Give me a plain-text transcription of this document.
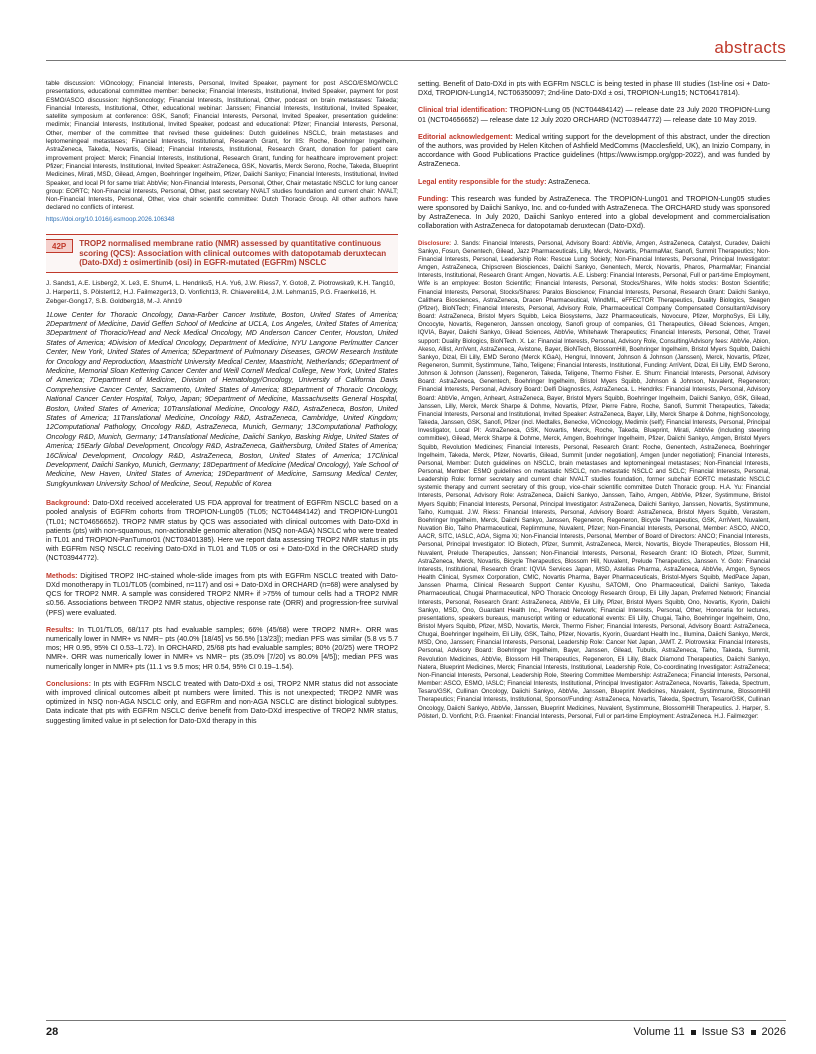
abstracts
table discussion: ViOncology; Financial Interests, Personal, Invited Speaker, payment for post ASCO/ESMO/WCLC presentations, educational committee member: benecke; Financial Interests, Institutional, Invited Speaker, payment for post ESMO/ASCO discussion: highSoncology; Financial Interests, Institutional, Other, podcast on brain metastases: Takeda; Financial Interests, Institutional, Other, educational webinar: Janssen; Financial Interests, Institutional, Invited Speaker, satellite symposium at conference: GSK, Sanofi; Financial Interests, Personal, Invited Speaker, presentation guideline: medimix; Financial Interests, Institutional, Invited Speaker, podcast and educational: Pfizer; Financial Interests, Personal, Other, member of the committee that revised these guidelines: Dutch guidelines NSCLC, brain metastases and leptomeningeal metastases; Financial Interests, Institutional, Research Grant, for IIS: Roche, Boehringer Ingelheim, AstraZeneca, Takeda, Novartis, Gilead; Financial Interests, Institutional, Research Grant, donation for patient care improvement project: Merck; Financial Interests, Institutional, Research Grant, funding for healthcare improvement project: Pfizer; Financial Interests, Institutional, Invited Speaker: AstraZeneca, GSK, Novartis, Merck Serono, Roche, Takeda, Blueprint Medicines, Mirati, MSD, Gilead, Amgen, Boehringer Ingelheim, Pfizer, Daiichi Sankyo; Financial Interests, Institutional, Invited Speaker, and local PI for same trial: AbbVie; Non-Financial Interests, Personal, Other, Chair metastatic NSCLC for lung cancer group: EORTC; Non-Financial Interests, Personal, Other, past secretary NVALT studies foundation and current chair: NVALT; Non-Financial Interests, Personal, Other, vice chair scientific committee: Dutch Thoracic Group. All other authors have declared no conflicts of interest.
https://doi.org/10.1016/j.esmoop.2026.106348
42P	TROP2 normalised membrane ratio (NMR) assessed by quantitative continuous scoring (QCS): Association with clinical outcomes with datopotamab deruxtecan (Dato-DXd) ± osimertinib (osi) in EGFR-mutated (EGFRm) NSCLC
J. Sands1, A.E. Lisberg2, X. Le3, E. Shum4, L. Hendriks5, H.A. Yu6, J.W. Riess7, Y. Goto8, Z. Piotrowska9, K.H. Tang10, J. Harper11, S. Pölsterl12, H.J. Failmezger13, D. Vonficht13, R. Chiaverelli14, J.M. Lehman15, P.G. Fraenkel16, H. Zebger-Gong17, S.B. Goldberg18, M.-J. Ahn19
1Lowe Center for Thoracic Oncology, Dana-Farber Cancer Institute, Boston, United States of America; 2Department of Medicine, David Geffen School of Medicine at UCLA, Los Angeles, United States of America; 3Department of Thoracic/Head and Neck Medical Oncology, MD Anderson Cancer Center, Houston, United States of America; 4Division of Medical Oncology, Department of Medicine, NYU Langone Perlmutter Cancer Center, New York, United States of America; 5Department of Pulmonary Diseases, GROW Research Institute for Oncology and Reproduction, Maastricht University Medical Center, Maastricht, Netherlands; 6Department of Medicine, Memorial Sloan Kettering Cancer Center and Weill Cornell Medical College, New York, United States of America; 7Department of Medicine, Division of Hematology/Oncology, University of California Davis Comprehensive Cancer Center, Sacramento, United States of America; 8Department of Thoracic Oncology, National Cancer Center Hospital, Tokyo, Japan; 9Department of Medicine, Massachusetts General Hospital, Boston, United States of America; 10Translational Medicine, Oncology R&D, AstraZeneca, Boston, United States of America; 11Translational Medicine, Oncology R&D, AstraZeneca, Cambridge, United Kingdom; 12Computational Pathology, Oncology R&D, AstraZeneca, Munich, Germany; 13Computational Pathology, Oncology R&D, Munich, Germany; 14Translational Medicine, Daiichi Sankyo, Basking Ridge, United States of America; 15Early Global Development, Oncology R&D, AstraZeneca, Gaithersburg, United States of America; 16Clinical Development, Oncology R&D, AstraZeneca, Boston, United States of America; 17Clinical Development, Daiichi Sankyo, Munich, Germany; 18Department of Medicine (Medical Oncology), Yale School of Medicine, New Haven, United States of America; 19Department of Medicine, Samsung Medical Center, Sungkyunkwan University School of Medicine, Seoul, Republic of Korea
Background: Dato-DXd received accelerated US FDA approval for treatment of EGFRm NSCLC based on a pooled analysis of EGFRm cohorts from TROPION-Lung05 (TL05; NCT04484142) and TROPION-Lung01 (TL01; NCT04656652). TROP2 NMR status by QCS was associated with clinical outcomes with Dato-DXd in patients (pts) with non-squamous, non-actionable genomic alteration (NSQ non-AGA) NSCLC who were treated in TL01 and TROPION-PanTumor01 (NCT03401385). Here we report data assessing TROP2 NMR status in pts with EGFRm NSQ NSCLC receiving Dato-DXd in TL01 and TL05 or osi + Dato-DXd in the ORCHARD study (NCT03944772).
Methods: Digitised TROP2 IHC-stained whole-slide images from pts with EGFRm NSCLC treated with Dato-DXd monotherapy in TL01/TL05 (combined, n=117) and osi + Dato-DXd in ORCHARD (n=68) were analysed by QCS for TROP2 NMR. A sample was considered TROP2 NMR+ if >75% of tumour cells had a TROP2 NMR ≤0.56. Associations between TROP2 NMR status, objective response rate (ORR) and progression-free survival (PFS) were evaluated.
Results: In TL01/TL05, 68/117 pts had evaluable samples; 66% (45/68) were TROP2 NMR+. ORR was numerically lower in NMR+ vs NMR− pts (40.0% [18/45] vs 56.5% [13/23]); median PFS was similar (5.8 vs 5.7 mos; HR 0.95, 95% CI 0.53–1.72). In ORCHARD, 25/68 pts had evaluable samples; 80% (20/25) were TROP2 NMR+. ORR was numerically lower in NMR+ vs NMR− pts (35.0% [7/20] vs 80.0% [4/5]); median PFS was numerically longer in NMR+ pts (11.1 vs 9.5 mos; HR 0.54, 95% CI 0.19–1.54).
Conclusions: In pts with EGFRm NSCLC treated with Dato-DXd ± osi, TROP2 NMR status did not associate with improved clinical outcomes albeit pt numbers were limited. This is not unexpected; TROP2 NMR was optimized in NSQ non-AGA NSCLC only, and EGFRm and non-AGA NSCLC are distinct biological subtypes. Data indicate that pts with EGFRm NSCLC derive benefit from Dato-DXd irrespective of TROP2 NMR status, suggesting limited value in pt selection for Dato-DXd therapy in this
setting. Benefit of Dato-DXd in pts with EGFRm NSCLC is being tested in phase III studies (1st-line osi + Dato-DXd, TROPION-Lung14, NCT06350097; 2nd-line Dato-DXd ± osi, TROPION-Lung15; NCT06417814).
Clinical trial identification: TROPION-Lung 05 (NCT04484142) — release date 23 July 2020 TROPION-Lung 01 (NCT04656652) — release date 12 July 2020 ORCHARD (NCT03944772) — release date 10 May 2019.
Editorial acknowledgement: Medical writing support for the development of this abstract, under the direction of the authors, was provided by Helen Kitchen of Ashfield MedComms (Macclesfield, UK), an Inizio Company, in accordance with Good Publications Practice guidelines (https://www.ismpp.org/gpp-2022), and was funded by AstraZeneca.
Legal entity responsible for the study: AstraZeneca.
Funding: This research was funded by AstraZeneca. The TROPION-Lung01 and TROPION-Lung05 studies were sponsored by Daiichi Sankyo, Inc. and co-funded with AstraZeneca. The ORCHARD study was sponsored by AstraZeneca. In July 2020, Daiichi Sankyo entered into a global development and commercialisation collaboration with AstraZeneca for datopotamab deruxtecan (Dato-DXd).
Disclosure: J. Sands: Financial Interests, Personal, Advisory Board: AbbVie, Amgen, AstraZeneca, Catalyst, Curadev, Daiichi Sankyo, Fosun, Genentech, Gilead, Jazz Pharmaceuticals, Lilly, Merck, Novartis, PharmaMar, Sanofi, Summit Therapeutics; Non-Financial Interests, Personal, Leadership Role: Rescue Lung Society; Non-Financial Interests, Personal, Principal Investigator: Amgen, AstraZeneca, Chipscreen Biosciences, Daiichi Sankyo, Genentech, Merck, Novartis, Pharos, PharmaMar; Financial Interests, Institutional, Research Grant: Amgen, Novartis. A.E. Lisberg: Financial Interests, Personal, Full or part-time Employment, Wife is an employee: Boston Scientific; Financial Interests, Personal, Stocks/Shares, Wife holds stocks: Boston Scientific; Financial Interests, Personal, Stocks/Shares: Paralos Bioscience; Financial Interests, Personal, Research Grant: Daiichi Sankyo, Calithera Biosciences, AstraZeneca, Dracen Pharmaceutical, WindMIL, eFFECTOR Therapeutics, Duality Biologics, Seagen (Pfizer), BioNTech; Financial Interests, Personal, Advisory Role, Pharmaceutical Company Compensated Consultant/Advisory Board: AstraZeneca, Bristol Myers Squibb, Leica Biosystems, Jazz Pharmaceuticals, Novocure, Pfizer, MorphoSys, Eli Lilly, Oncocyte, Novartis, Regeneron, Janssen oncology, Sanofi group of companies, G1 Therapeutics, Gilead Sciences, Amgen, IQVIA, Bayer, Daiichi Sankyo, Gilead Sciences, AbbVie, Whitehawk Therapeutics; Financial Interests, Personal, Other, Travel support: Duality Biologics, BioNTech. X. Le: Financial Interests, Personal, Advisory Role, Consulting/Advisory fees: AbbVie, Abion, Akeso, Allist, ArriVent, AstraZeneca, Avistone, Bayer, BioNTech, BlossomHill, Boehringer Ingelheim, Bristol Myers Squibb, Daiichi Sankyo, Dizal, Eli Lilly, EMD Serono (Merck KGaA), Hengrui, Innovent, Johnson & Johnson (Janssen), Merck, Novartis, Pfizer, Regeneron, Summit, Systimmune, Taiho, Teligene; Financial Interests, Institutional, Funding: ArriVent, Dizal, Eli Lilly, EMD Serono, Johnson & Johnson (Janssen), Regeneron, Takeda, Teligene, Thermo Fisher. E. Shum: Financial Interests, Personal, Advisory Board: AstraZeneca, Genentech, Boehringer Ingelheim, Bristol Myers Squibb, Johnson & Johnson, Nuvalent, Regeneron; Financial Interests, Personal, Advisory Board: Delfi Diagnostics, AstraZeneca. L. Hendriks: Financial Interests, Personal, Advisory Board: AbbVie, Amgen, Anheart, AstraZeneca, Bayer, Bristol Myers Squibb, Boehringer Ingelheim, Daiichi Sankyo, GSK, Gilead, Janssen, Lilly, Merck, Merck Sharpe & Dohme, Novartis, Pfizer, Pierre Fabre, Roche, Sanofi, Summit Therapeutics, Takeda; Financial Interests, Personal and Institutional, Invited Speaker: AstraZeneca, Bayer, Lilly, Merck Sharpe & Dohme, highSoncology, Takeda, Janssen, GSK, Sanofi, Pfizer (incl. Medtalks, Benecke, ViOncology, Medimix (self); Financial Interests, Personal, Principal Investigator, Local PI: AstraZeneca, GSK, Novartis, Merck, Roche, Takeda, Blueprint, Mirati, AbbVie (including steering committee), Gilead, Merck Sharpe & Dohme, Merck, Amgen, Boehringer Ingelheim, Pfizer, Daiichi Sankyo, Amgen, Bristol Myers Squibb, Revolution Medicines; Financial Interests, Personal, Research Grant: Roche, Genentech, AstraZeneca, Boehringer Ingelheim, Takeda, Merck, Pfizer, Novartis, Gilead, Summit [under negotiation], Amgen [under negotiation]; Financial Interests, Personal, Member: Dutch guidelines on NSCLC, brain metastases and leptomeningeal metastases; Non-Financial Interests, Personal, Member: ESMO guidelines on metastatic NSCLC, non-metastatic NSCLC and SCLC; Financial Interests, Personal, Leadership Role: former secretary and current chair NVALT studies foundation, former subchair EORTC metastatic NSCLC systemic therapy and current secretary of this group, vice-chair scientific committee Dutch Thoracic group. H.A. Yu: Financial Interests, Personal, Advisory Role: AstraZeneca, Daiichi Sankyo, Janssen, Taiho, Amgen, AbbVie, Pfizer, Systimmune, Bristol Myers Squibb; Financial Interests, Personal, Principal Investigator: AstraZeneca, Daiichi Sankyo, Janssen, Novartis, Systimmune, Taiho, Kumquat. J.W. Riess: Financial Interests, Personal, Advisory Board: AstraZeneca, Bristol Myers Squibb, Verastem, Boehringer Ingelheim, Merck, Daiichi Sankyo, Janssen, Regeneron, Regeneron, Bicycle Therapeutics, GSK, ArriVent, Nuvalent, Nuvation Bio, Taiho Pharmaceutical, Replimmune, Nuvalent, Pfizer; Non-Financial Interests, Personal, Member: ASCO, ANCO, AACR, SITC, IASLC, AOA, Sigma Xi; Non-Financial Interests, Personal, Member of Board of Directors: ANCO; Financial Interests, Personal, Principal Investigator: IO Biotech, Pfizer, Summit, AstraZeneca, Merck, Novartis, Bicycle Therapeutics, Blossom Hill, Nuvalent, Prelude Therapeutics, Janssen; Non-Financial Interests, Personal, Research Grant: IO Biotech, Pfizer, Summit, AstraZeneca, Merck, Novartis, Bicycle Therapeutics, Blossom Hill, Nuvalent, Prelude Therapeutics, Janssen. Y. Goto: Financial Interests, Institutional, Research Grant: IQVIA Services Japan, MSD, Astellas Pharma, AstraZeneca, AbbVie, Amgen, Syneos Health Clinical, Sysmex Corporation, CMIC, Novartis Pharma, Bayer Pharmaceuticals, Bristol-Myers Squibb, MedPace Japan, Janssen Pharma, Clinical Research Support Center Kyushu, SATOMI, Ono Pharmaceutical, Daiichi Sankyo, Takeda Pharmaceutical, Chugai Pharmaceutical, NPO Thoracic Oncology Research Group, Eli Lilly Japan, Preferred Network; Financial Interests, Personal, Research Grant: AstraZeneca, AbbVie, Eli Lilly, Pfizer, Bristol Myers Squibb, Ono, Novartis, Kyorin, Daiichi Sankyo, MSD, Ono, Guardant Health Inc., Preferred Network; Financial Interests, Personal, Other, Honoraria for lectures, presentations, speakers bureaus, manuscript writing or educational events: Eli Lilly, Chugai, Taiho, Boehringer Ingelheim, Ono, Bristol Myers Squibb, Pfizer, MSD, Novartis, Merck, Thermo Fisher; Financial Interests, Personal, Advisory Board: AstraZeneca, Chugai, Boehringer Ingelheim, Eli Lilly, GSK, Taiho, Pfizer, Novartis, Kyorin, Guardant Health Inc., Illumina, Daiichi Sankyo, Merck, MSD, Ono, Janssen; Financial Interests, Personal, Leadership Role: Cancer Net Japan, JAMT. Z. Piotrowska: Financial Interests, Personal, Advisory Board: Boehringer Ingelheim, Bayer, Janssen, Gilead, Tubulis, AstraZeneca, Taiho, Takeda, Summit, Revolution Medicines, AbbVie, Blossom Hill Therapeutics, Regeneron, Eli Lilly, Black Diamond Therapeutics, Daiichi Sankyo, Natera, Blueprint Medicines, Merck; Financial Interests, Institutional, Leadership Role, Co-coordinating Investigator: AstraZeneca; Non-Financial Interests, Personal, Leadership Role, Steering Committee Membership: AstraZeneca; Financial Interests, Personal, Member: ASCO, ESMO, IASLC; Financial Interests, Institutional, Principal Investigator: AstraZeneca, Novartis, Takeda, Spectrum, Tesaro/GSK, Cullinan Oncology, Daiichi Sankyo, AbbVie, Janssen, Blueprint Medicines, Nuvalent, Systimmune, BlossomHill Therapeutics; Financial Interests, Institutional, Sponsor/Funding: AstraZeneca, Novartis, Takeda, Spectrum, Tesaro/GSK, Cullinan Oncology, Daiichi Sankyo, AbbVie, Janssen, Blueprint Medicines, Nuvalent, Systimmune, BlossomHill Therapeutics. J. Harper, S. Pölsterl, D. Vonficht, P.G. Fraenkel: Financial Interests, Personal, Full or part-time Employment: AstraZeneca. H.J. Failmezger:
28	Volume 11 Issue S3 2026
